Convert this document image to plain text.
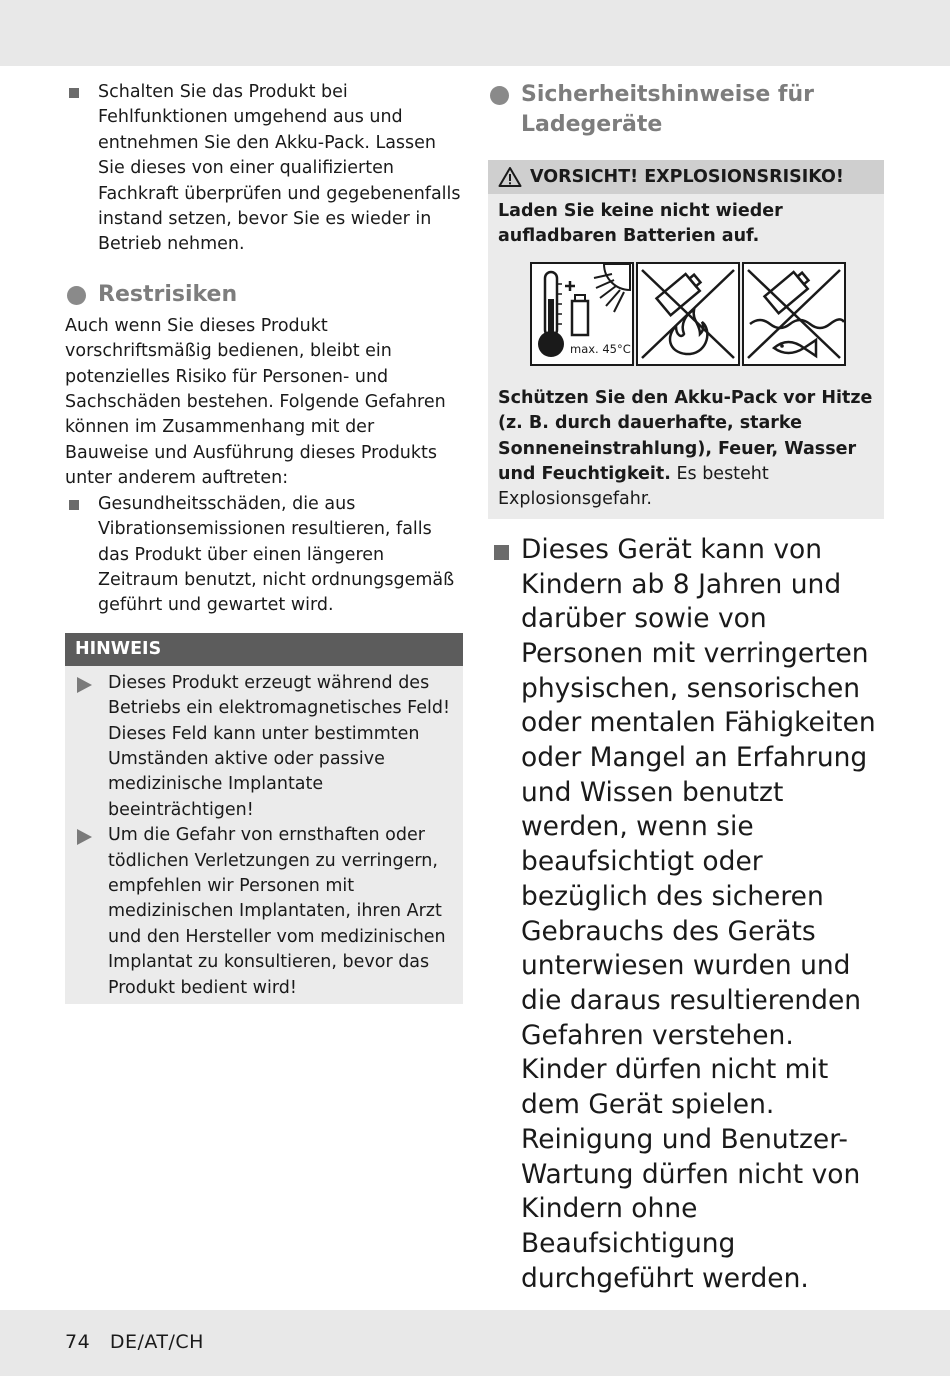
Schalten Sie das Produkt bei Fehlfunktionen umgehend aus und entnehmen Sie den Akku-Pack. Lassen Sie dieses von einer qualifizierten Fachkraft überprüfen und gegebenenfalls instand setzen, bevor Sie es wieder in Betrieb nehmen.
Restrisiken
Auch wenn Sie dieses Produkt vorschriftsmäßig bedienen, bleibt ein potenzielles Risiko für Personen- und Sachschäden bestehen. Folgende Gefahren können im Zusammenhang mit der Bauweise und Ausführung dieses Produkts unter anderem auftreten:
Gesundheitsschäden, die aus Vibrationsemissionen resultieren, falls das Produkt über einen längeren Zeitraum benutzt, nicht ordnungsgemäß geführt und gewartet wird.
HINWEIS
Dieses Produkt erzeugt während des Betriebs ein elektromagnetisches Feld! Dieses Feld kann unter bestimmten Umständen aktive oder passive medizinische Implantate beeinträchtigen!
Um die Gefahr von ernsthaften oder tödlichen Verletzungen zu verringern, empfehlen wir Personen mit medizinischen Implantaten, ihren Arzt und den Hersteller vom medizinischen Implantat zu konsultieren, bevor das Produkt bedient wird!
Sicherheitshinweise für Ladegeräte
VORSICHT! EXPLOSIONSRISIKO!
Laden Sie keine nicht wieder aufladbaren Batterien auf.
max. 45°C
Schützen Sie den Akku-Pack vor Hitze (z. B. durch dauerhafte, starke Sonneneinstrahlung), Feuer, Wasser und Feuchtigkeit. Es besteht Explosionsgefahr.
Dieses Gerät kann von Kindern ab 8 Jahren und darüber sowie von Personen mit verringerten physischen, sensorischen oder mentalen Fähigkeiten oder Mangel an Erfahrung und Wissen benutzt werden, wenn sie beaufsichtigt oder bezüglich des sicheren Gebrauchs des Geräts unterwiesen wurden und die daraus resultierenden Gefahren verstehen.
Kinder dürfen nicht mit dem Gerät spielen.
Reinigung und Benutzer-Wartung dürfen nicht von Kindern ohne Beaufsichtigung durchgeführt werden.
74 DE/AT/CH
